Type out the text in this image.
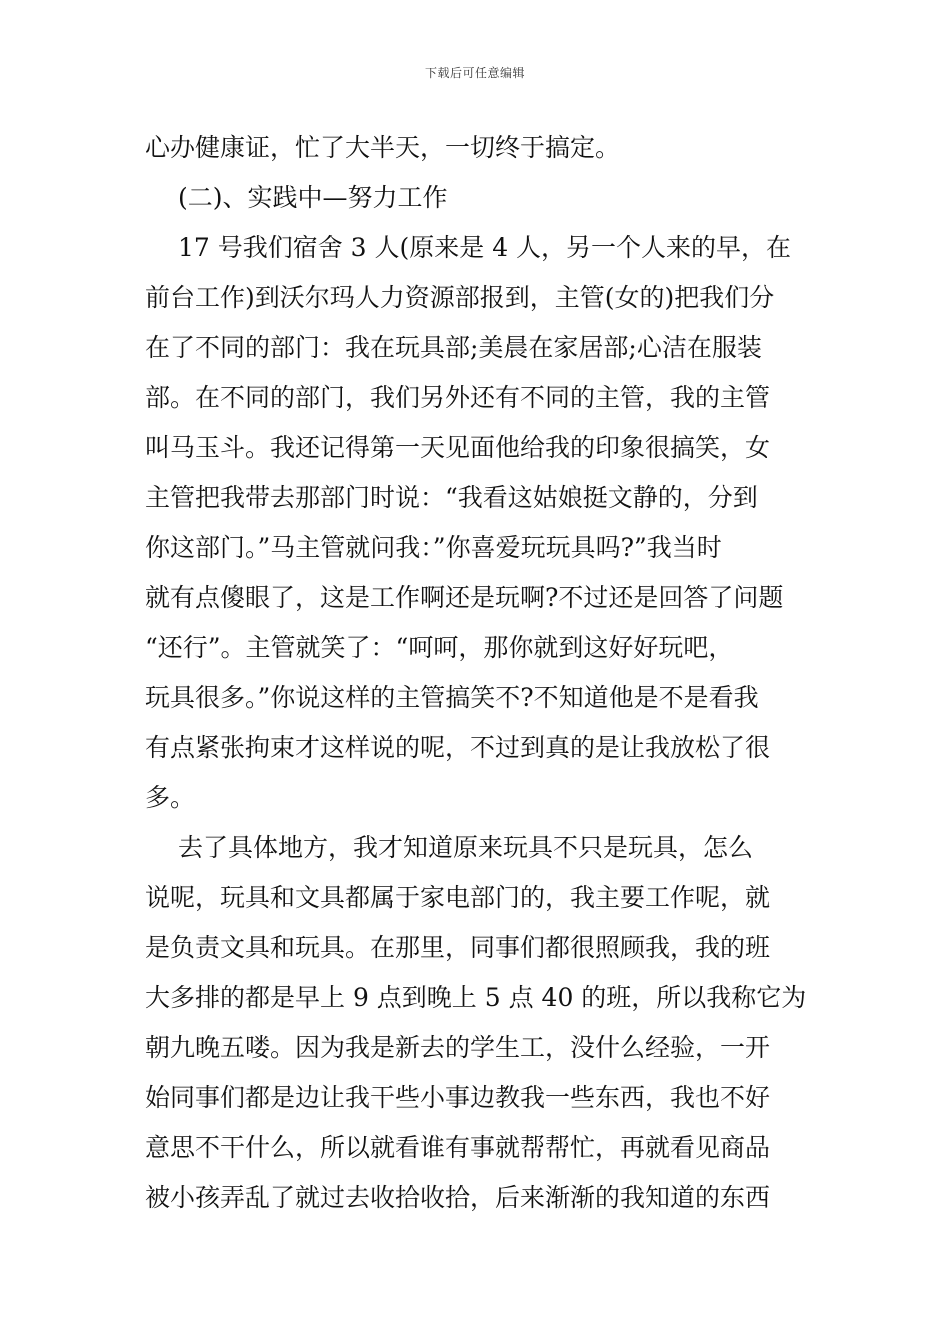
下载后可任意编辑
心办健康证，忙了大半天，一切终于搞定。
　 (二)、实践中—努力工作
　 17 号我们宿舍 3 人(原来是 4 人，另一个人来的早，在
前台工作)到沃尔玛人力资源部报到，主管(女的)把我们分
在了不同的部门：我在玩具部;美晨在家居部;心洁在服装
部。在不同的部门，我们另外还有不同的主管，我的主管
叫马玉斗。我还记得第一天见面他给我的印象很搞笑，女
主管把我带去那部门时说：“我看这姑娘挺文静的，分到
你这部门。”马主管就问我：”你喜爱玩玩具吗?”我当时
就有点傻眼了，这是工作啊还是玩啊?不过还是回答了问题
“还行”。主管就笑了：“呵呵，那你就到这好好玩吧，
玩具很多。”你说这样的主管搞笑不?不知道他是不是看我
有点紧张拘束才这样说的呢，不过到真的是让我放松了很
多。
　 去了具体地方，我才知道原来玩具不只是玩具，怎么
说呢，玩具和文具都属于家电部门的，我主要工作呢，就
是负责文具和玩具。在那里，同事们都很照顾我，我的班
大多排的都是早上 9 点到晚上 5 点 40 的班，所以我称它为
朝九晚五喽。因为我是新去的学生工，没什么经验，一开
始同事们都是边让我干些小事边教我一些东西，我也不好
意思不干什么，所以就看谁有事就帮帮忙，再就看见商品
被小孩弄乱了就过去收拾收拾，后来渐渐的我知道的东西
